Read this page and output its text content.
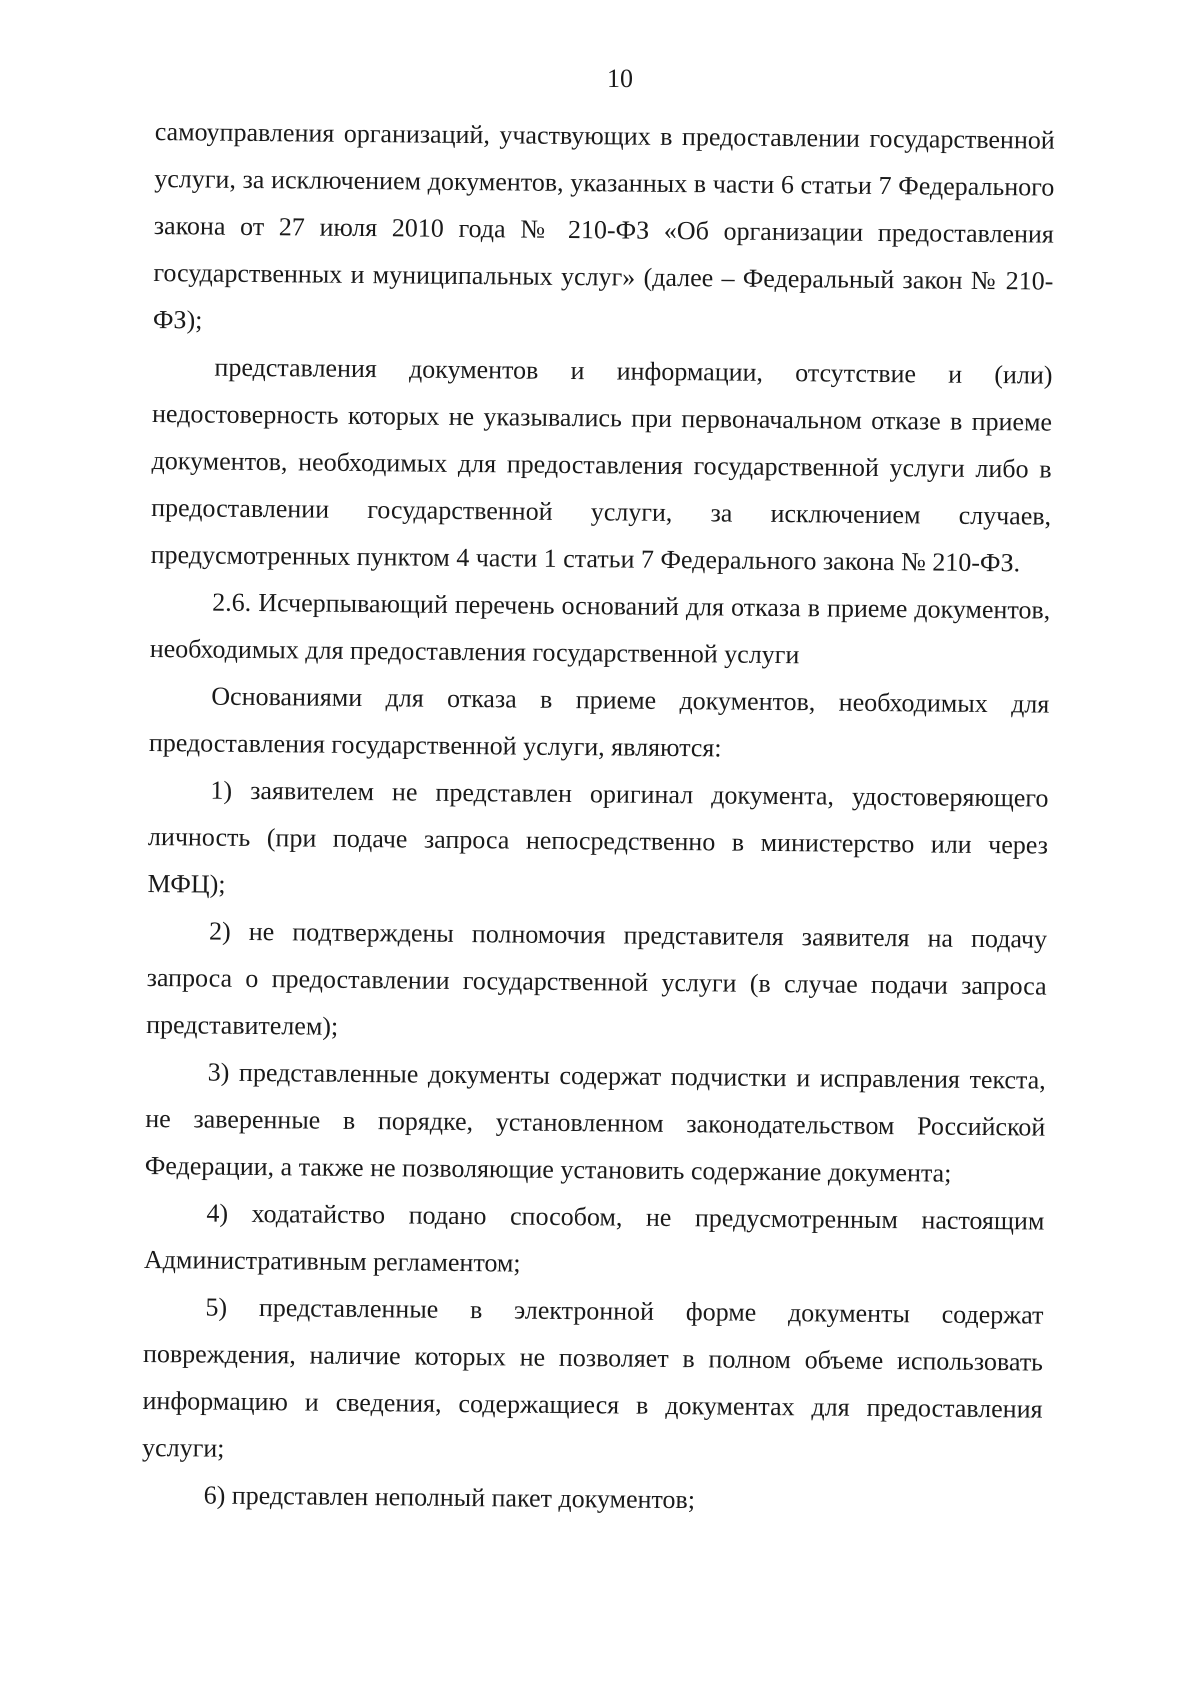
10

самоуправления организаций, участвующих в предоставлении государственной услуги, за исключением документов, указанных в части 6 статьи 7 Федерального закона от 27 июля 2010 года № 210-ФЗ «Об организации предоставления государственных и муниципальных услуг» (далее – Федеральный закон № 210-ФЗ);

представления документов и информации, отсутствие и (или) недостоверность которых не указывались при первоначальном отказе в приеме документов, необходимых для предоставления государственной услуги либо в предоставлении государственной услуги, за исключением случаев, предусмотренных пунктом 4 части 1 статьи 7 Федерального закона № 210-ФЗ.

2.6. Исчерпывающий перечень оснований для отказа в приеме документов, необходимых для предоставления государственной услуги

Основаниями для отказа в приеме документов, необходимых для предоставления государственной услуги, являются:

1) заявителем не представлен оригинал документа, удостоверяющего личность (при подаче запроса непосредственно в министерство или через МФЦ);

2) не подтверждены полномочия представителя заявителя на подачу запроса о предоставлении государственной услуги (в случае подачи запроса представителем);

3) представленные документы содержат подчистки и исправления текста, не заверенные в порядке, установленном законодательством Российской Федерации, а также не позволяющие установить содержание документа;

4) ходатайство подано способом, не предусмотренным настоящим Административным регламентом;

5) представленные в электронной форме документы содержат повреждения, наличие которых не позволяет в полном объеме использовать информацию и сведения, содержащиеся в документах для предоставления услуги;

6) представлен неполный пакет документов;
